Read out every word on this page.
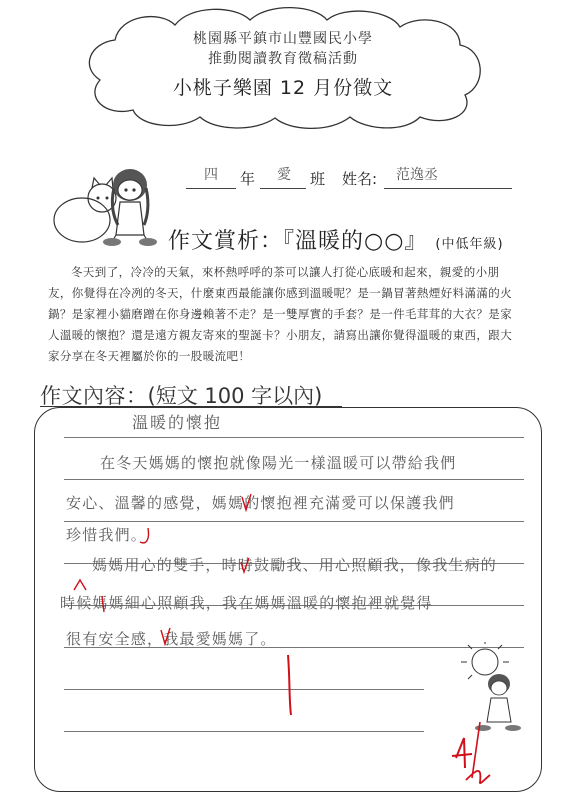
桃園縣平鎮市山豐國民小學
推動閱讀教育徵稿活動
小桃子樂園 12 月份徵文
四 年 愛 班 姓名: 范逸丞
作文賞析：『溫暖的○○』 (中低年級)
冬天到了，冷冷的天氣，來杯熱呼呼的茶可以讓人打從心底暖和起來，親愛的小朋友，你覺得在冷冽的冬天，什麼東西最能讓你感到溫暖呢？是一鍋冒著熱煙好料滿滿的火鍋？是家裡小貓磨蹭在你身邊賴著不走？是一雙厚實的手套？是一件毛茸茸的大衣？是家人溫暖的懷抱？還是遠方親友寄來的聖誕卡？小朋友，請寫出讓你覺得溫暖的東西，跟大家分享在冬天裡屬於你的一股暖流吧！
作文內容：(短文 100 字以內)
溫暖的懷抱
在冬天媽媽的懷抱就像陽光一樣溫暖可以帶給我們
安心、溫馨的感覺，媽媽的懷抱裡充滿愛可以保護我們
珍惜我們。
媽媽用心的雙手，時時鼓勵我、用心照顧我，像我生病的
時候媽媽細心照顧我，我在媽媽溫暖的懷抱裡就覺得
很有安全感，我最愛媽媽了。
